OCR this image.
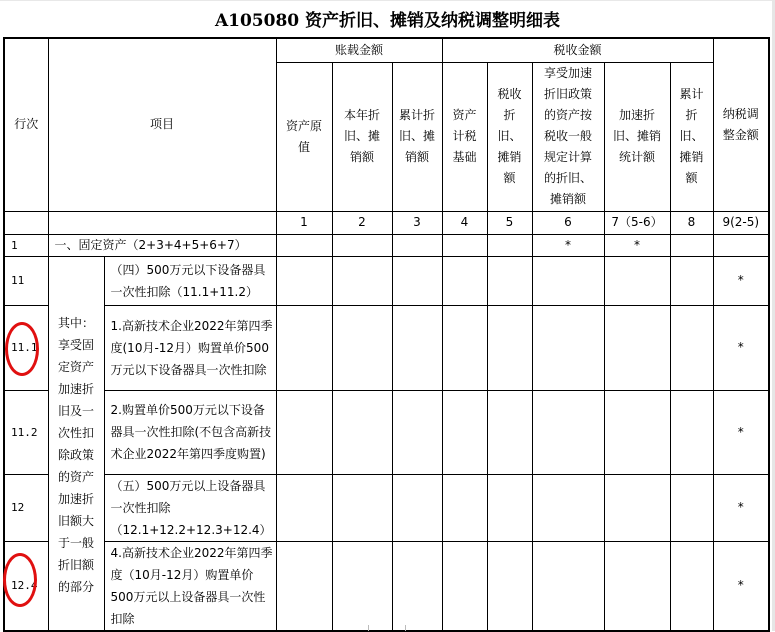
A105080 资产折旧、摊销及纳税调整明细表
行次	项目		账载金额			税收金额					纳税调整金额

			资产原值	本年折旧、摊销额	累计折旧、摊销额	资产计税基础	税收折旧、摊销额	享受加速折旧政策的资产按税收一般规定计算的折旧、摊销额	加速折旧、摊销统计额	累计折旧、摊销额	

			1	2	3	4	5	6	7（5-6）	8	9(2-5)
1	一、固定资产（2+3+4+5+6+7）							*	*		
11	其中：享受固定资产加速折旧及一次性扣除政策的资产加速折旧额大于一般折旧额的部分	（四）500万元以下设备器具一次性扣除（11.1+11.2）									*
11.1		1.高新技术企业2022年第四季度(10月-12月）购置单价500万元以下设备器具一次性扣除									*
11.2		2.购置单价500万元以下设备器具一次性扣除(不包含高新技术企业2022年第四季度购置)									*
12		（五）500万元以上设备器具一次性扣除（12.1+12.2+12.3+12.4）									*
12.4		4.高新技术企业2022年第四季度（10月-12月）购置单价500万元以上设备器具一次性扣除									*
